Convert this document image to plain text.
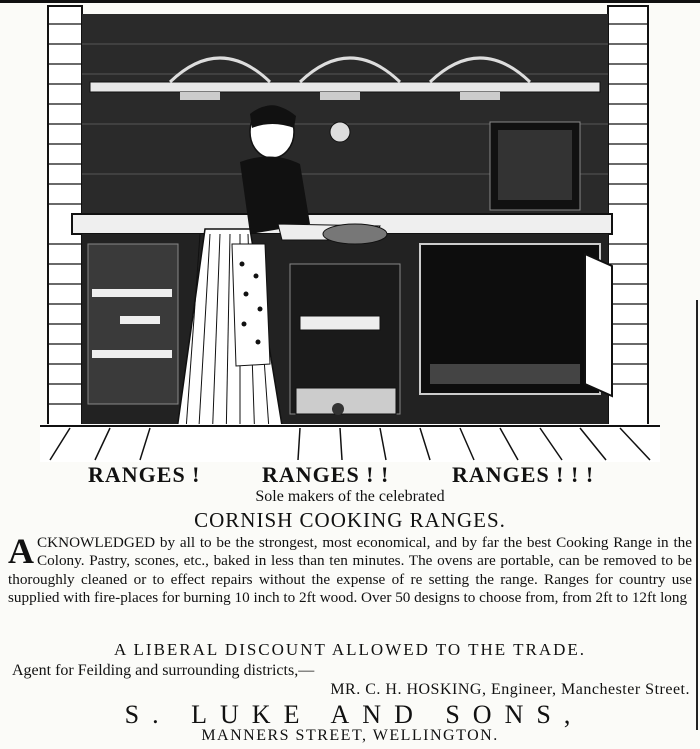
RANGES !	RANGES ! !	RANGES ! ! !
Sole makers of the celebrated
CORNISH COOKING RANGES.
ACKNOWLEDGED by all to be the strongest, most economical, and by far the best Cooking Range in the Colony. Pastry, scones, etc., baked in less than ten minutes. The ovens are portable, can be removed to be thoroughly cleaned or to effect repairs without the expense of re setting the range. Ranges for country use supplied with fire-places for burning 10 inch to 2ft wood. Over 50 designs to choose from, from 2ft to 12ft long
A LIBERAL DISCOUNT ALLOWED TO THE TRADE.
Agent for Feilding and surrounding districts,—
MR. C. H. HOSKING, Engineer, Manchester Street.
S. LUKE AND SONS,
MANNERS STREET, WELLINGTON.
